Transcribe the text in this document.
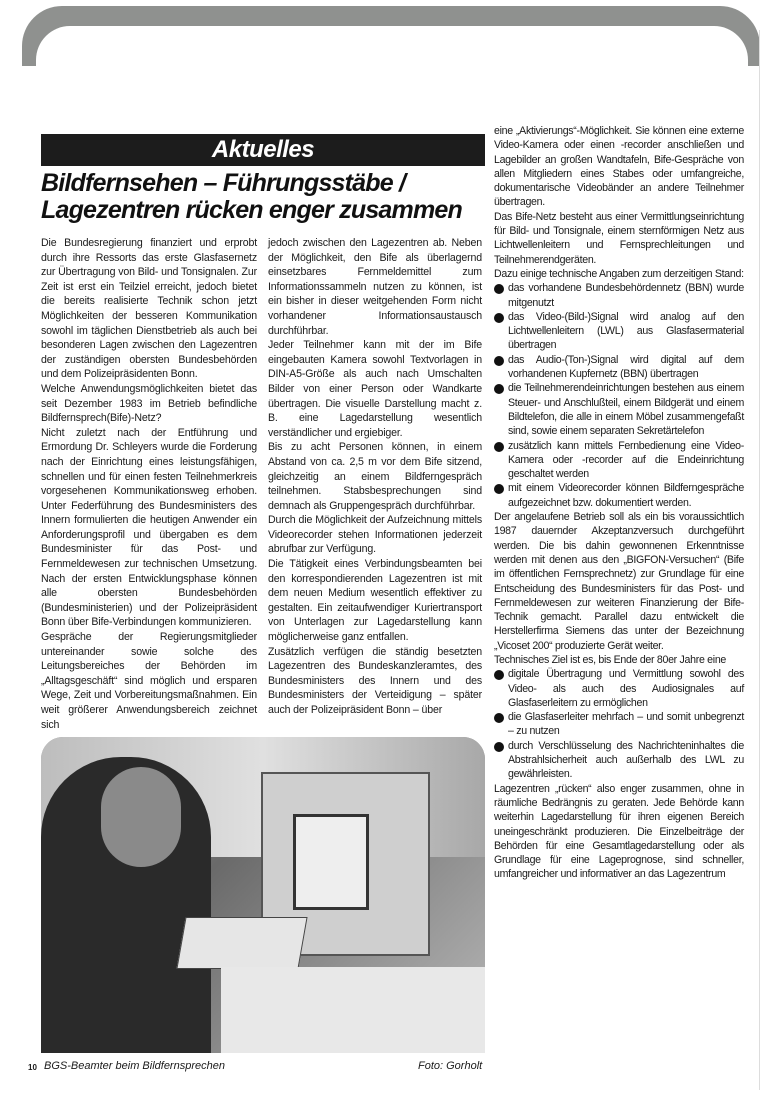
Aktuelles
Bildfernsehen – Führungsstäbe /
Lagezentren rücken enger zusammen

Die Bundesregierung finanziert und erprobt durch ihre Ressorts das erste Glasfasernetz zur Übertragung von Bild- und Tonsignalen. Zur Zeit ist erst ein Teilziel erreicht, jedoch bietet die bereits realisierte Technik schon jetzt Möglichkeiten der besseren Kommunikation sowohl im täglichen Dienstbetrieb als auch bei besonderen Lagen zwischen den Lagezentren der zuständigen obersten Bundesbehörden und dem Polizeipräsidenten Bonn.

Welche Anwendungsmöglichkeiten bietet das seit Dezember 1983 im Betrieb befindliche Bildfernsprech(Bife)-Netz?

Nicht zuletzt nach der Entführung und Ermordung Dr. Schleyers wurde die Forderung nach der Einrichtung eines leistungsfähigen, schnellen und für einen festen Teilnehmerkreis vorgesehenen Kommunikationsweg erhoben. Unter Federführung des Bundesministers des Innern formulierten die heutigen Anwender ein Anforderungsprofil und übergaben es dem Bundesminister für das Post- und Fernmeldewesen zur technischen Umsetzung. Nach der ersten Entwicklungsphase können alle obersten Bundesbehörden (Bundesministerien) und der Polizeipräsident Bonn über Bife-Verbindungen kommunizieren.

Gespräche der Regierungsmitglieder untereinander sowie solche des Leitungsbereiches der Behörden im „Alltagsgeschäft“ sind möglich und ersparen Wege, Zeit und Vorbereitungsmaßnahmen. Ein weit größerer Anwendungsbereich zeichnet sich

jedoch zwischen den Lagezentren ab. Neben der Möglichkeit, den Bife als überlagernd einsetzbares Fernmeldemittel zum Informationssammeln nutzen zu können, ist ein bisher in dieser weitgehenden Form nicht vorhandener Informationsaustausch durchführbar.

Jeder Teilnehmer kann mit der im Bife eingebauten Kamera sowohl Textvorlagen in DIN-A5-Größe als auch nach Umschalten Bilder von einer Person oder Wandkarte übertragen. Die visuelle Darstellung macht z. B. eine Lagedarstellung wesentlich verständlicher und ergiebiger.

Bis zu acht Personen können, in einem Abstand von ca. 2,5 m vor dem Bife sitzend, gleichzeitig an einem Bildferngespräch teilnehmen. Stabsbesprechungen sind demnach als Gruppengespräch durchführbar.

Durch die Möglichkeit der Aufzeichnung mittels Videorecorder stehen Informationen jederzeit abrufbar zur Verfügung.

Die Tätigkeit eines Verbindungsbeamten bei den korrespondierenden Lagezentren ist mit dem neuen Medium wesentlich effektiver zu gestalten. Ein zeitaufwendiger Kuriertransport von Unterlagen zur Lagedarstellung kann möglicherweise ganz entfallen.

Zusätzlich verfügen die ständig besetzten Lagezentren des Bundeskanzleramtes, des Bundesministers des Innern und des Bundesministers der Verteidigung – später auch der Polizeipräsident Bonn – über

eine „Aktivierungs“-Möglichkeit. Sie können eine externe Video-Kamera oder einen -recorder anschließen und Lagebilder an großen Wandtafeln, Bife-Gespräche von allen Mitgliedern eines Stabes oder umfangreiche, dokumentarische Videobänder an andere Teilnehmer übertragen.

Das Bife-Netz besteht aus einer Vermittlungseinrichtung für Bild- und Tonsignale, einem sternförmigen Netz aus Lichtwellenleitern und Fernsprechleitungen und Teilnehmerendgeräten.

Dazu einige technische Angaben zum derzeitigen Stand:

das vorhandene Bundesbehördennetz (BBN) wurde mitgenutzt
das Video-(Bild-)Signal wird analog auf den Lichtwellenleitern (LWL) aus Glasfasermaterial übertragen
das Audio-(Ton-)Signal wird digital auf dem vorhandenen Kupfernetz (BBN) übertragen
die Teilnehmerendeinrichtungen bestehen aus einem Steuer- und Anschlußteil, einem Bildgerät und einem Bildtelefon, die alle in einem Möbel zusammengefaßt sind, sowie einem separaten Sekretärtelefon
zusätzlich kann mittels Fernbedienung eine Video-Kamera oder -recorder auf die Endeinrichtung geschaltet werden
mit einem Videorecorder können Bildferngespräche aufgezeichnet bzw. dokumentiert werden.

Der angelaufene Betrieb soll als ein bis voraussichtlich 1987 dauernder Akzeptanzversuch durchgeführt werden. Die bis dahin gewonnenen Erkenntnisse werden mit denen aus den „BIGFON-Versuchen“ (Bife im öffentlichen Fernsprechnetz) zur Grundlage für eine Entscheidung des Bundesministers für das Post- und Fernmeldewesen zur weiteren Finanzierung der Bife-Technik gemacht. Parallel dazu entwickelt die Herstellerfirma Siemens das unter der Bezeichnung „Vicoset 200“ produzierte Gerät weiter.

Technisches Ziel ist es, bis Ende der 80er Jahre eine

digitale Übertragung und Vermittlung sowohl des Video- als auch des Audiosignales auf Glasfaserleitern zu ermöglichen
die Glasfaserleiter mehrfach – und somit unbegrenzt – zu nutzen
durch Verschlüsselung des Nachrichteninhaltes die Abstrahlsicherheit auch außerhalb des LWL zu gewährleisten.

Lagezentren „rücken“ also enger zusammen, ohne in räumliche Bedrängnis zu geraten. Jede Behörde kann weiterhin Lagedarstellung für ihren eigenen Bereich uneingeschränkt produzieren. Die Einzelbeiträge der Behörden für eine Gesamtlagedarstellung oder als Grundlage für eine Lageprognose, sind schneller, umfangreicher und informativer an das Lagezentrum

10 BGS-Beamter beim Bildfernsprechen	Foto: Gorholt
